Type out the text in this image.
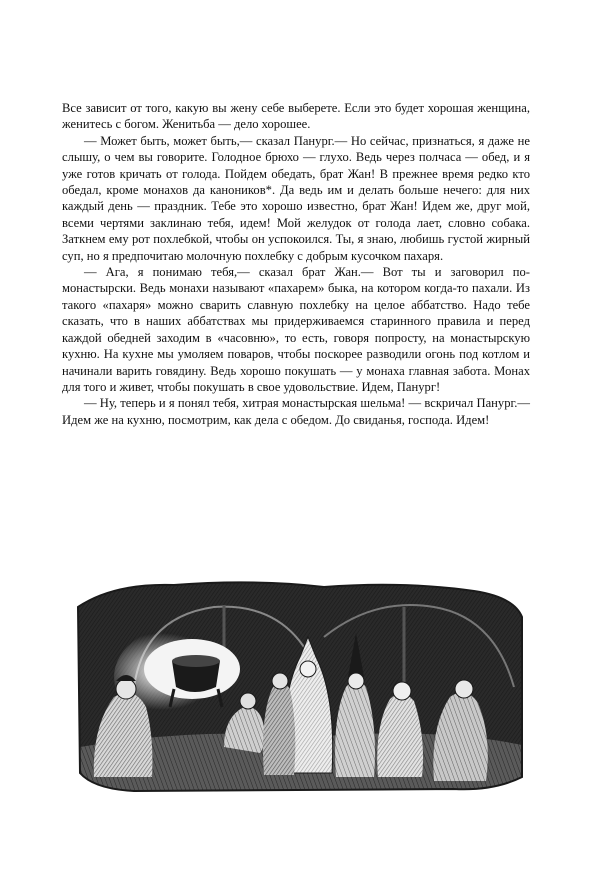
Все зависит от того, какую вы жену себе выберете. Если это будет хорошая женщина, женитесь с богом. Женитьба — дело хорошее.

— Может быть, может быть,— сказал Панург.— Но сейчас, признаться, я даже не слышу, о чем вы говорите. Голодное брюхо — глухо. Ведь через полчаса — обед, и я уже готов кричать от голода. Пойдем обедать, брат Жан! В прежнее время редко кто обедал, кроме монахов да каноников*. Да ведь им и делать больше нечего: для них каждый день — праздник. Тебе это хорошо известно, брат Жан! Идем же, друг мой, всеми чертями заклинаю тебя, идем! Мой желудок от голода лает, словно собака. Заткнем ему рот похлебкой, чтобы он успокоился. Ты, я знаю, любишь густой жирный суп, но я предпочитаю молочную похлебку с добрым кусочком пахаря.

— Ага, я понимаю тебя,— сказал брат Жан.— Вот ты и заговорил по-монастырски. Ведь монахи называют «пахарем» быка, на котором когда-то пахали. Из такого «пахаря» можно сварить славную похлебку на целое аббатство. Надо тебе сказать, что в наших аббатствах мы придерживаемся старинного правила и перед каждой обедней заходим в «часовню», то есть, говоря попросту, на монастырскую кухню. На кухне мы умоляем поваров, чтобы поскорее разводили огонь под котлом и начинали варить говядину. Ведь хорошо покушать — у монаха главная забота. Монах для того и живет, чтобы покушать в свое удовольствие. Идем, Панург!

— Ну, теперь и я понял тебя, хитрая монастырская шельма! — вскричал Панург.— Идем же на кухню, посмотрим, как дела с обедом. До свиданья, господа. Идем!
